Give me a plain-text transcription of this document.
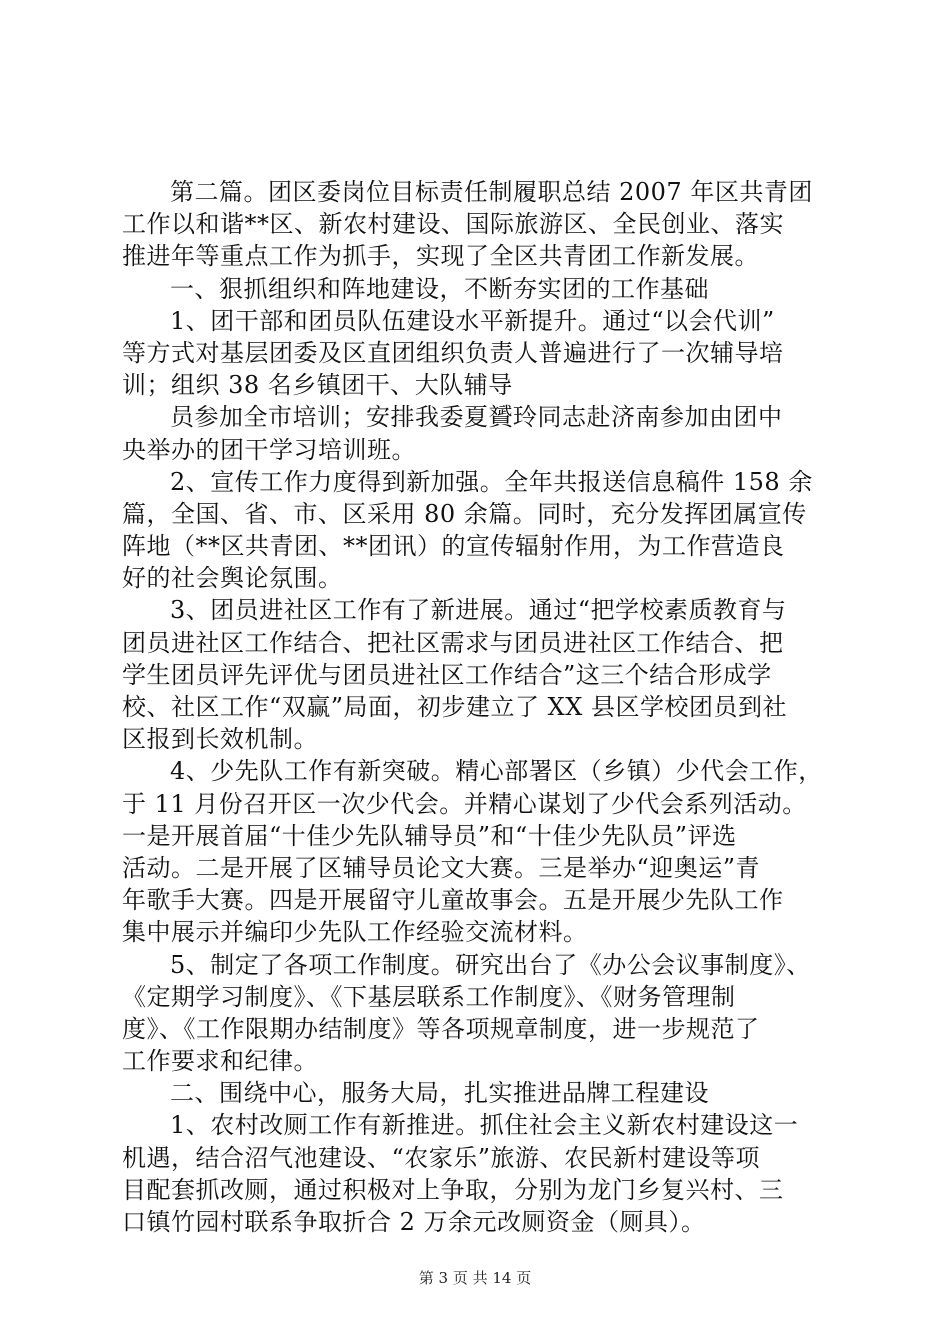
第二篇。团区委岗位目标责任制履职总结 2007 年区共青团
工作以和谐**区、新农村建设、国际旅游区、全民创业、落实
推进年等重点工作为抓手，实现了全区共青团工作新发展。
一、狠抓组织和阵地建设，不断夯实团的工作基础
1、团干部和团员队伍建设水平新提升。通过“以会代训”
等方式对基层团委及区直团组织负责人普遍进行了一次辅导培
训；组织 38 名乡镇团干、大队辅导
员参加全市培训；安排我委夏贇玲同志赴济南参加由团中
央举办的团干学习培训班。
2、宣传工作力度得到新加强。全年共报送信息稿件 158 余
篇，全国、省、市、区采用 80 余篇。同时，充分发挥团属宣传
阵地（**区共青团、**团讯）的宣传辐射作用，为工作营造良
好的社会舆论氛围。
3、团员进社区工作有了新进展。通过“把学校素质教育与
团员进社区工作结合、把社区需求与团员进社区工作结合、把
学生团员评先评优与团员进社区工作结合”这三个结合形成学
校、社区工作“双赢”局面，初步建立了 XX 县区学校团员到社
区报到长效机制。
4、少先队工作有新突破。精心部署区（乡镇）少代会工作，
于 11 月份召开区一次少代会。并精心谋划了少代会系列活动。
一是开展首届“十佳少先队辅导员”和“十佳少先队员”评选
活动。二是开展了区辅导员论文大赛。三是举办“迎奥运”青
年歌手大赛。四是开展留守儿童故事会。五是开展少先队工作
集中展示并编印少先队工作经验交流材料。
5、制定了各项工作制度。研究出台了《办公会议事制度》、
《定期学习制度》、《下基层联系工作制度》、《财务管理制
度》、《工作限期办结制度》等各项规章制度，进一步规范了
工作要求和纪律。
二、围绕中心，服务大局，扎实推进品牌工程建设
1、农村改厕工作有新推进。抓住社会主义新农村建设这一
机遇，结合沼气池建设、“农家乐”旅游、农民新村建设等项
目配套抓改厕，通过积极对上争取，分别为龙门乡复兴村、三
口镇竹园村联系争取折合 2 万余元改厕资金（厕具）。
第 3 页 共 14 页
